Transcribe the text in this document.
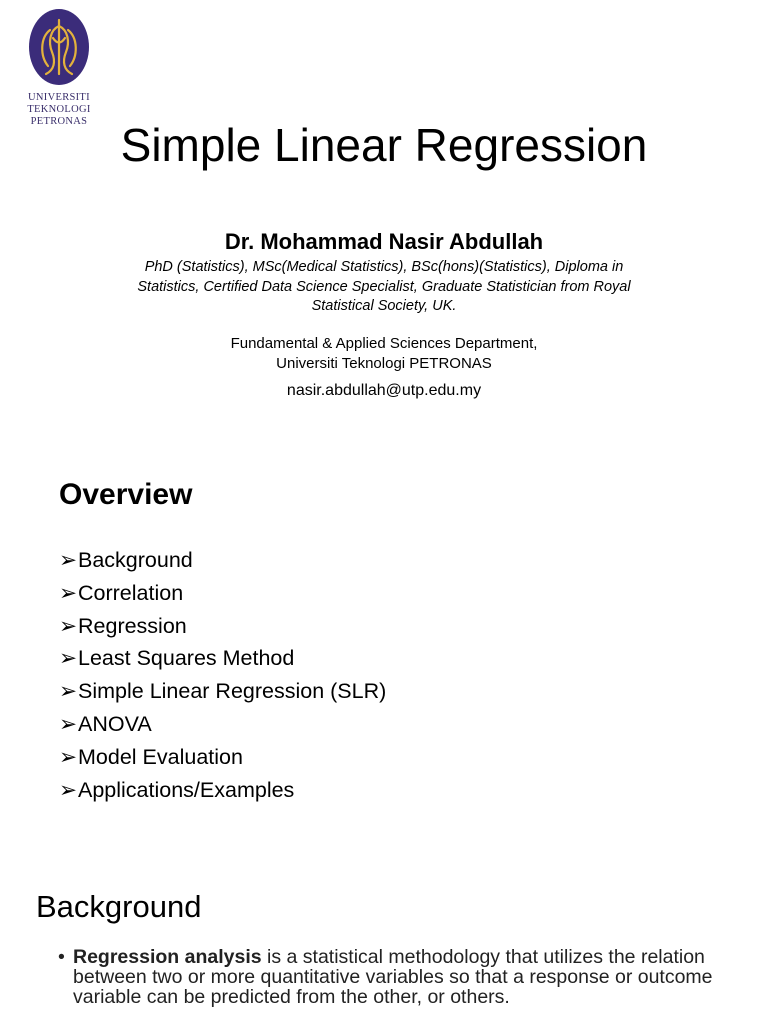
UNIVERSITI
TEKNOLOGI
PETRONAS Simple Linear Regression
Dr. Mohammad Nasir Abdullah
PhD (Statistics), MSc(Medical Statistics), BSc(hons)(Statistics), Diploma in Statistics, Certified Data Science Specialist, Graduate Statistician from Royal Statistical Society, UK.
Fundamental & Applied Sciences Department,
Universiti Teknologi PETRONAS
nasir.abdullah@utp.edu.my
Overview
➢Background
➢Correlation
➢Regression
➢Least Squares Method
➢Simple Linear Regression (SLR)
➢ANOVA
➢Model Evaluation
➢Applications/Examples
Background
• Regression analysis is a statistical methodology that utilizes the relation between two or more quantitative variables so that a response or outcome variable can be predicted from the other, or others.
